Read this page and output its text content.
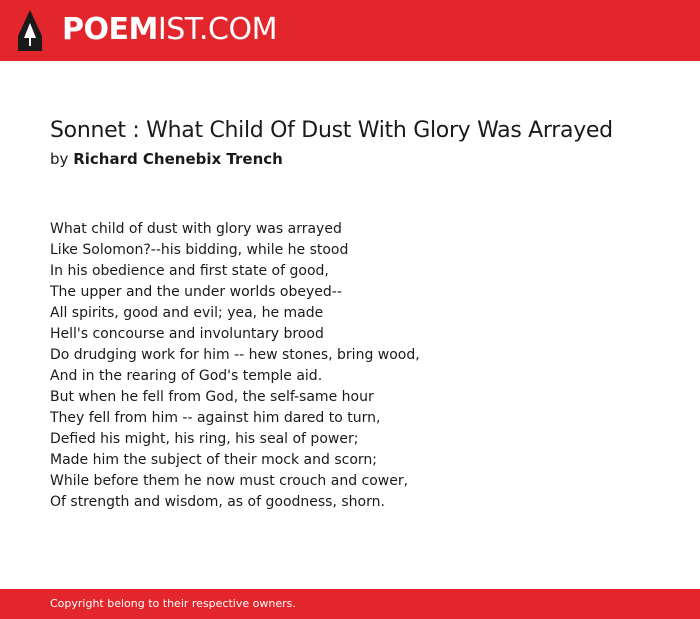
POEMIST.COM
Sonnet : What Child Of Dust With Glory Was Arrayed
by Richard Chenebix Trench
What child of dust with glory was arrayed
Like Solomon?--his bidding, while he stood
In his obedience and first state of good,
The upper and the under worlds obeyed--
All spirits, good and evil; yea, he made
Hell's concourse and involuntary brood
Do drudging work for him -- hew stones, bring wood,
And in the rearing of God's temple aid.
But when he fell from God, the self-same hour
They fell from him -- against him dared to turn,
Defied his might, his ring, his seal of power;
Made him the subject of their mock and scorn;
While before them he now must crouch and cower,
Of strength and wisdom, as of goodness, shorn.
Copyright belong to their respective owners.
